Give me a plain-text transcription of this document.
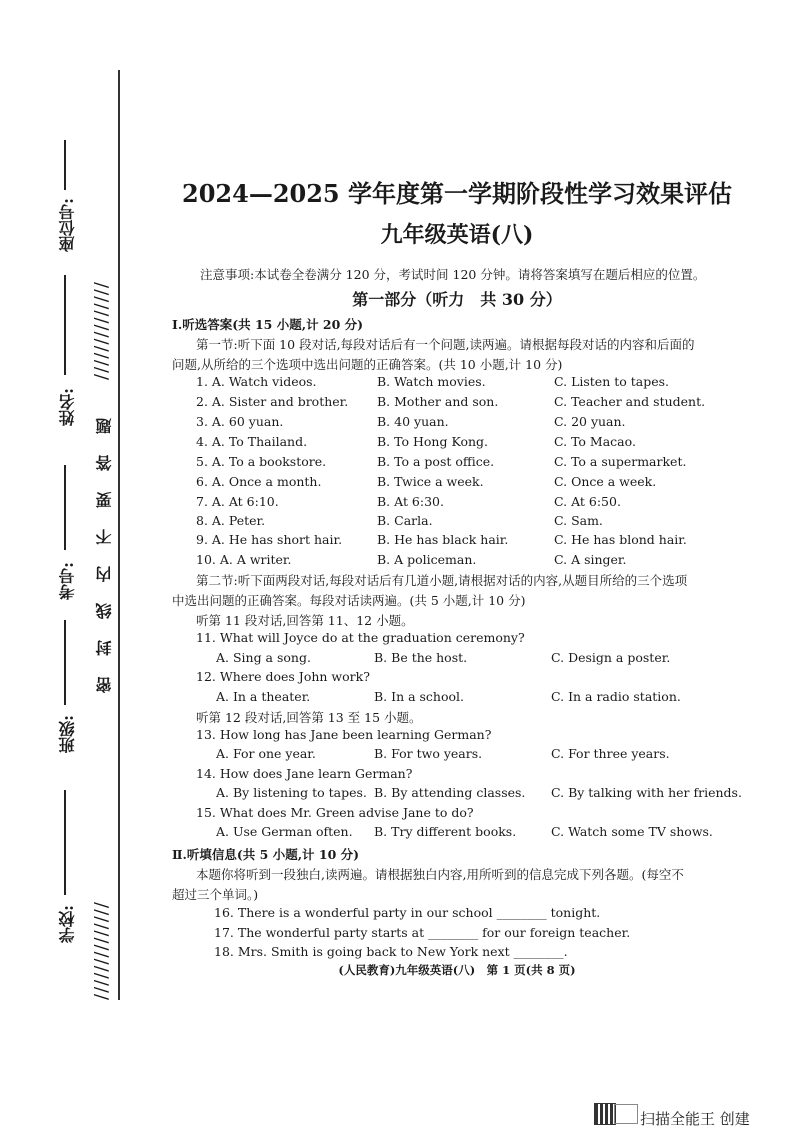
座位号:
姓名:
考号:
班级:
学校:
//////////////
题
答
要
不
内
线
封
密
//////////////
2024—2025 学年度第一学期阶段性学习效果评估
九年级英语(八)
注意事项:本试卷全卷满分 120 分，考试时间 120 分钟。请将答案填写在题后相应的位置。
第一部分（听力　共 30 分）
Ⅰ.听选答案(共 15 小题,计 20 分)
第一节:听下面 10 段对话,每段对话后有一个问题,读两遍。请根据每段对话的内容和后面的
问题,从所给的三个选项中选出问题的正确答案。(共 10 小题,计 10 分)
1. A. Watch videos.	B. Watch movies.	C. Listen to tapes.
2. A. Sister and brother. B. Mother and son.	C. Teacher and student.
3. A. 60 yuan.	B. 40 yuan.	C. 20 yuan.
4. A. To Thailand.	B. To Hong Kong.	C. To Macao.
5. A. To a bookstore.	B. To a post office.	C. To a supermarket.
6. A. Once a month.	B. Twice a week.	C. Once a week.
7. A. At 6:10.	B. At 6:30.	C. At 6:50.
8. A. Peter.	B. Carla.	C. Sam.
9. A. He has short hair.	B. He has black hair.	C. He has blond hair.
10. A. A writer.	B. A policeman.	C. A singer.
第二节:听下面两段对话,每段对话后有几道小题,请根据对话的内容,从题目所给的三个选项
中选出问题的正确答案。每段对话读两遍。(共 5 小题,计 10 分)
听第 11 段对话,回答第 11、12 小题。
11. What will Joyce do at the graduation ceremony?
A. Sing a song.	B. Be the host.	C. Design a poster.
12. Where does John work?
A. In a theater.	B. In a school.	C. In a radio station.
听第 12 段对话,回答第 13 至 15 小题。
13. How long has Jane been learning German?
A. For one year.	B. For two years.	C. For three years.
14. How does Jane learn German?
A. By listening to tapes. B. By attending classes. C. By talking with her friends.
15. What does Mr. Green advise Jane to do?
A. Use German often. B. Try different books.	C. Watch some TV shows.
Ⅱ.听填信息(共 5 小题,计 10 分)
本题你将听到一段独白,读两遍。请根据独白内容,用所听到的信息完成下列各题。(每空不
超过三个单词。)
16. There is a wonderful party in our school ________ tonight.
17. The wonderful party starts at ________ for our foreign teacher.
18. Mrs. Smith is going back to New York next ________.
(人民教育)九年级英语(八)　第 1 页(共 8 页)
扫描全能王 创建
